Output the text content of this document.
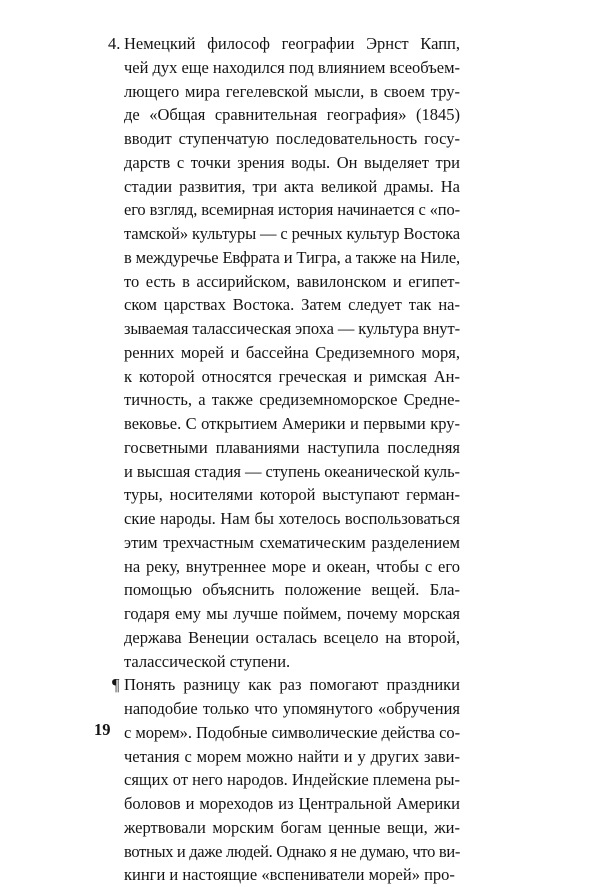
4. Немецкий философ географии Эрнст Капп,
чей дух еще находился под влиянием всеобъем-
лющего мира гегелевской мысли, в своем тру-
де «Общая сравнительная география» (1845)
вводит ступенчатую последовательность госу-
дарств с точки зрения воды. Он выделяет три
стадии развития, три акта великой драмы. На
его взгляд, всемирная история начинается с «по-
тамской» культуры — с речных культур Востока
в междуречье Евфрата и Тигра, а также на Ниле,
то есть в ассирийском, вавилонском и египет-
ском царствах Востока. Затем следует так на-
зываемая талассическая эпоха — культура внут-
ренних морей и бассейна Средиземного моря,
к которой относятся греческая и римская Ан-
тичность, а также средиземноморское Средне-
вековье. С открытием Америки и первыми кру-
госветными плаваниями наступила последняя
и высшая стадия — ступень океанической куль-
туры, носителями которой выступают герман-
ские народы. Нам бы хотелось воспользоваться
этим трехчастным схематическим разделением
на реку, внутреннее море и океан, чтобы с его
помощью объяснить положение вещей. Бла-
годаря ему мы лучше поймем, почему морская
держава Венеции осталась всецело на второй,
талассической ступени.
¶ Понять разницу как раз помогают праздники
наподобие только что упомянутого «обручения
с морем». Подобные символические действа со-
четания с морем можно найти и у других зави-
сящих от него народов. Индейские племена ры-
боловов и мореходов из Центральной Америки
жертвовали морским богам ценные вещи, жи-
вотных и даже людей. Однако я не думаю, что ви-
кинги и настоящие «вспениватели морей» про-
19
